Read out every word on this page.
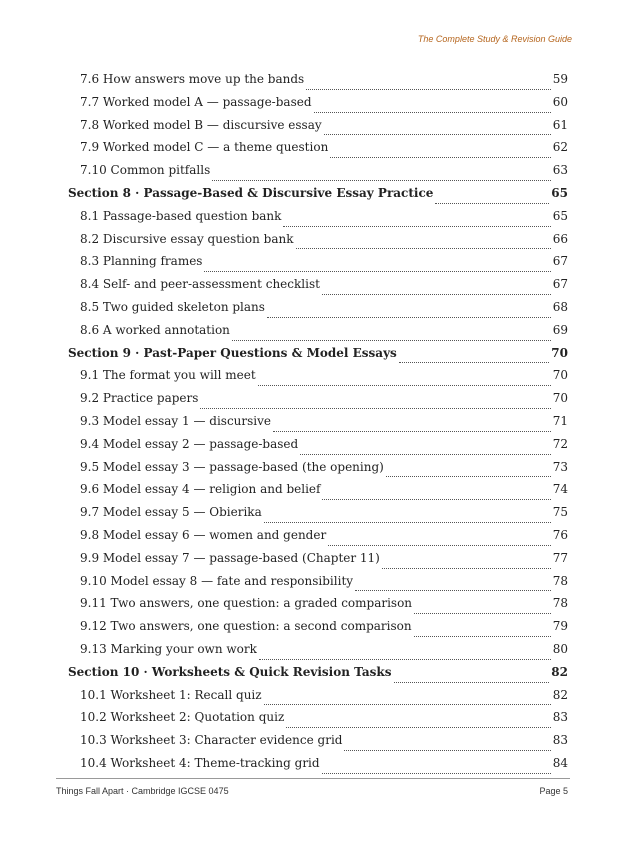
The Complete Study & Revision Guide
7.6 How answers move up the bands	59
7.7 Worked model A — passage-based	60
7.8 Worked model B — discursive essay	61
7.9 Worked model C — a theme question	62
7.10 Common pitfalls	63
Section 8 · Passage-Based & Discursive Essay Practice	65
8.1 Passage-based question bank	65
8.2 Discursive essay question bank	66
8.3 Planning frames	67
8.4 Self- and peer-assessment checklist	67
8.5 Two guided skeleton plans	68
8.6 A worked annotation	69
Section 9 · Past-Paper Questions & Model Essays	70
9.1 The format you will meet	70
9.2 Practice papers	70
9.3 Model essay 1 — discursive	71
9.4 Model essay 2 — passage-based	72
9.5 Model essay 3 — passage-based (the opening)	73
9.6 Model essay 4 — religion and belief	74
9.7 Model essay 5 — Obierika	75
9.8 Model essay 6 — women and gender	76
9.9 Model essay 7 — passage-based (Chapter 11)	77
9.10 Model essay 8 — fate and responsibility	78
9.11 Two answers, one question: a graded comparison	78
9.12 Two answers, one question: a second comparison	79
9.13 Marking your own work	80
Section 10 · Worksheets & Quick Revision Tasks	82
10.1 Worksheet 1: Recall quiz	82
10.2 Worksheet 2: Quotation quiz	83
10.3 Worksheet 3: Character evidence grid	83
10.4 Worksheet 4: Theme-tracking grid	84
Things Fall Apart · Cambridge IGCSE 0475	Page 5
